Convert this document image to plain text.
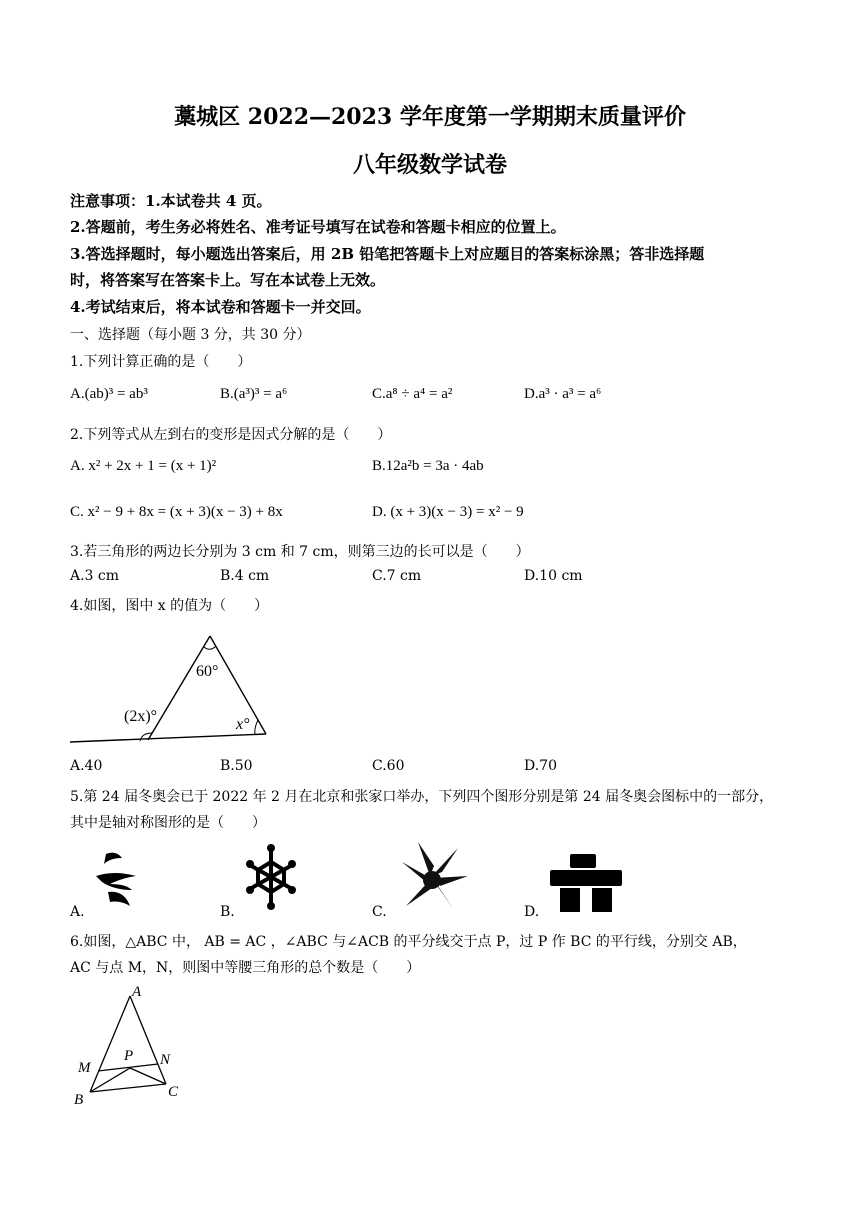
藁城区 2022—2023 学年度第一学期期末质量评价
八年级数学试卷
注意事项：1.本试卷共 4 页。
2.答题前，考生务必将姓名、准考证号填写在试卷和答题卡相应的位置上。
3.答选择题时，每小题选出答案后，用 2B 铅笔把答题卡上对应题目的答案标涂黑；答非选择题
时，将答案写在答案卡上。写在本试卷上无效。
4.考试结束后，将本试卷和答题卡一并交回。
一、选择题（每小题 3 分，共 30 分）
1.下列计算正确的是（　　）
A.(ab)³ = ab³	B.(a³)³ = a⁶	C.a⁸ ÷ a⁴ = a²	D.a³ · a³ = a⁶
2.下列等式从左到右的变形是因式分解的是（　　）
A. x² + 2x + 1 = (x + 1)²	B.12a²b = 3a · 4ab
C. x² − 9 + 8x = (x + 3)(x − 3) + 8x	D. (x + 3)(x − 3) = x² − 9
3.若三角形的两边长分别为 3 cm 和 7 cm，则第三边的长可以是（　　）
A.3 cm	B.4 cm	C.7 cm	D.10 cm
4.如图，图中 x 的值为（　　）
60°
(2x)°	x°
A.40	B.50	C.60	D.70
5.第 24 届冬奥会已于 2022 年 2 月在北京和张家口举办，下列四个图形分别是第 24 届冬奥会图标中的一部分，
其中是轴对称图形的是（　　）
A.	B.	C.	D.
6.如图，△ABC 中， AB = AC ，∠ABC 与∠ACB 的平分线交于点 P，过 P 作 BC 的平行线，分别交 AB，
AC 与点 M，N，则图中等腰三角形的总个数是（　　）
A
M
P N
B	C
